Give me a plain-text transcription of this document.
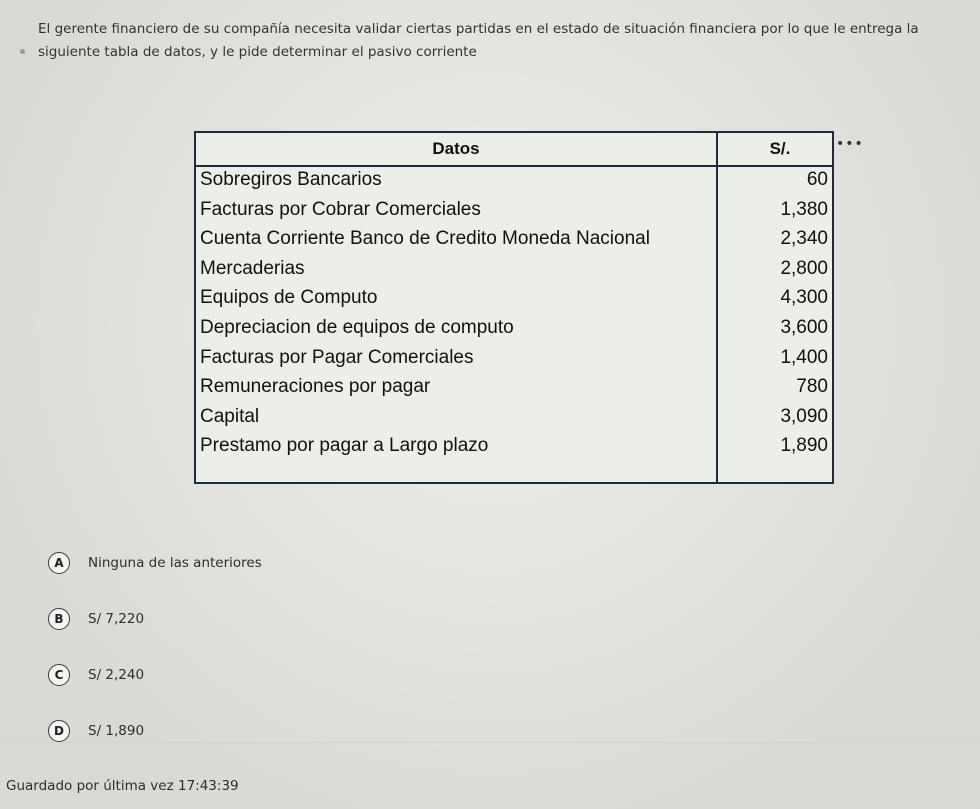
El gerente financiero de su compañía necesita validar ciertas partidas en el estado de situación financiera por lo que le entrega la siguiente tabla de datos, y le pide determinar el pasivo corriente
•••
Datos	S/.
Sobregiros Bancarios	60
Facturas por Cobrar Comerciales	1,380
Cuenta Corriente Banco de Credito Moneda Nacional	2,340
Mercaderias	2,800
Equipos de Computo	4,300
Depreciacion de equipos de computo	3,600
Facturas por Pagar Comerciales	1,400
Remuneraciones por pagar	780
Capital	3,090
Prestamo por pagar a Largo plazo	1,890
A	Ninguna de las anteriores
B	S/ 7,220
C	S/ 2,240
D	S/ 1,890
Guardado por última vez 17:43:39
